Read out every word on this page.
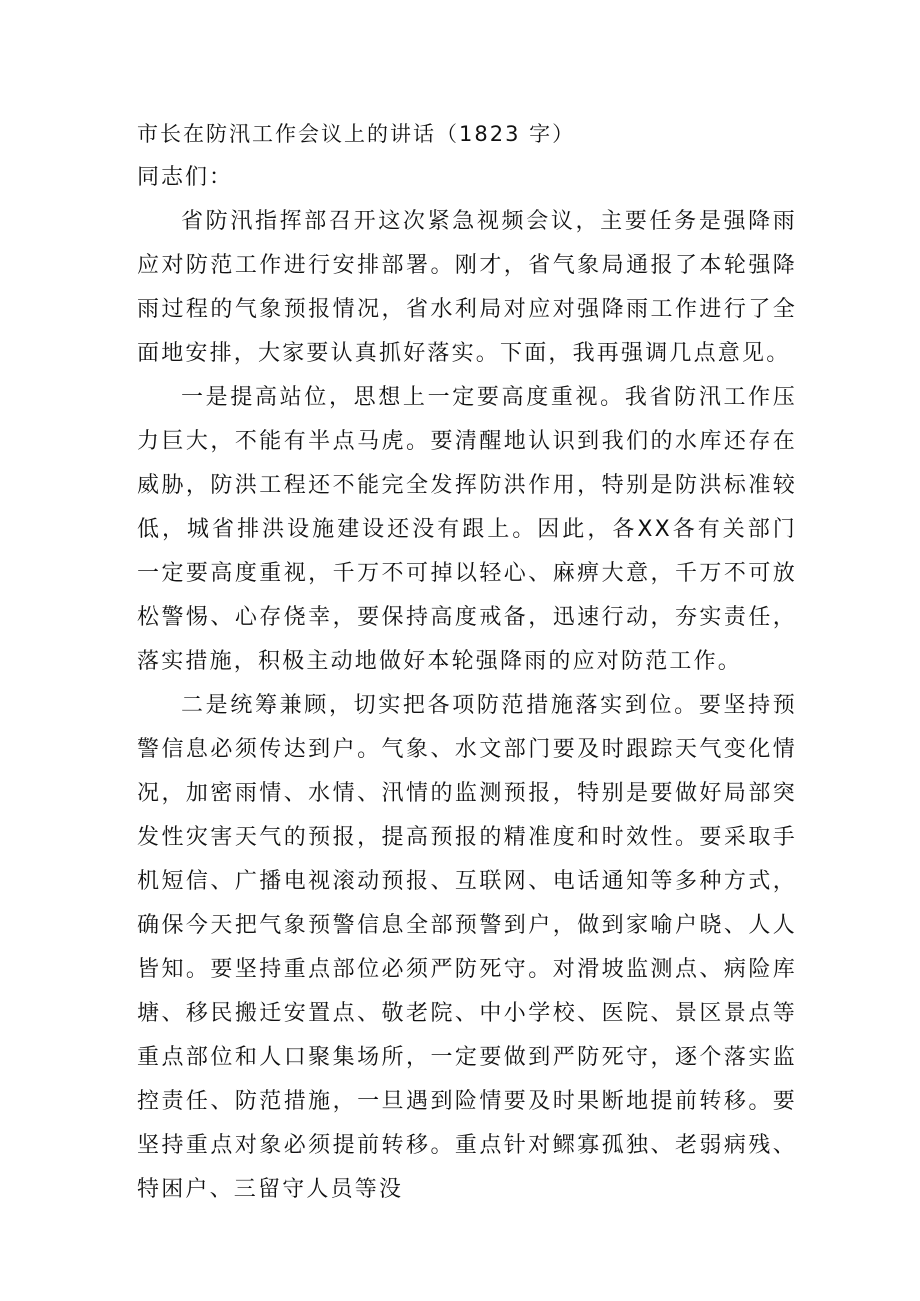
市长在防汛工作会议上的讲话（1823 字）

同志们：

省防汛指挥部召开这次紧急视频会议，主要任务是强降雨应对防范工作进行安排部署。刚才，省气象局通报了本轮强降雨过程的气象预报情况，省水利局对应对强降雨工作进行了全面地安排，大家要认真抓好落实。下面，我再强调几点意见。

一是提高站位，思想上一定要高度重视。我省防汛工作压力巨大，不能有半点马虎。要清醒地认识到我们的水库还存在威胁，防洪工程还不能完全发挥防洪作用，特别是防洪标准较低，城省排洪设施建设还没有跟上。因此，各XX各有关部门一定要高度重视，千万不可掉以轻心、麻痹大意，千万不可放松警惕、心存侥幸，要保持高度戒备，迅速行动，夯实责任，落实措施，积极主动地做好本轮强降雨的应对防范工作。

二是统筹兼顾，切实把各项防范措施落实到位。要坚持预警信息必须传达到户。气象、水文部门要及时跟踪天气变化情况，加密雨情、水情、汛情的监测预报，特别是要做好局部突发性灾害天气的预报，提高预报的精准度和时效性。要采取手机短信、广播电视滚动预报、互联网、电话通知等多种方式，确保今天把气象预警信息全部预警到户，做到家喻户晓、人人皆知。要坚持重点部位必须严防死守。对滑坡监测点、病险库塘、移民搬迁安置点、敬老院、中小学校、医院、景区景点等重点部位和人口聚集场所，一定要做到严防死守，逐个落实监控责任、防范措施，一旦遇到险情要及时果断地提前转移。要坚持重点对象必须提前转移。重点针对鳏寡孤独、老弱病残、特困户、三留守人员等没
